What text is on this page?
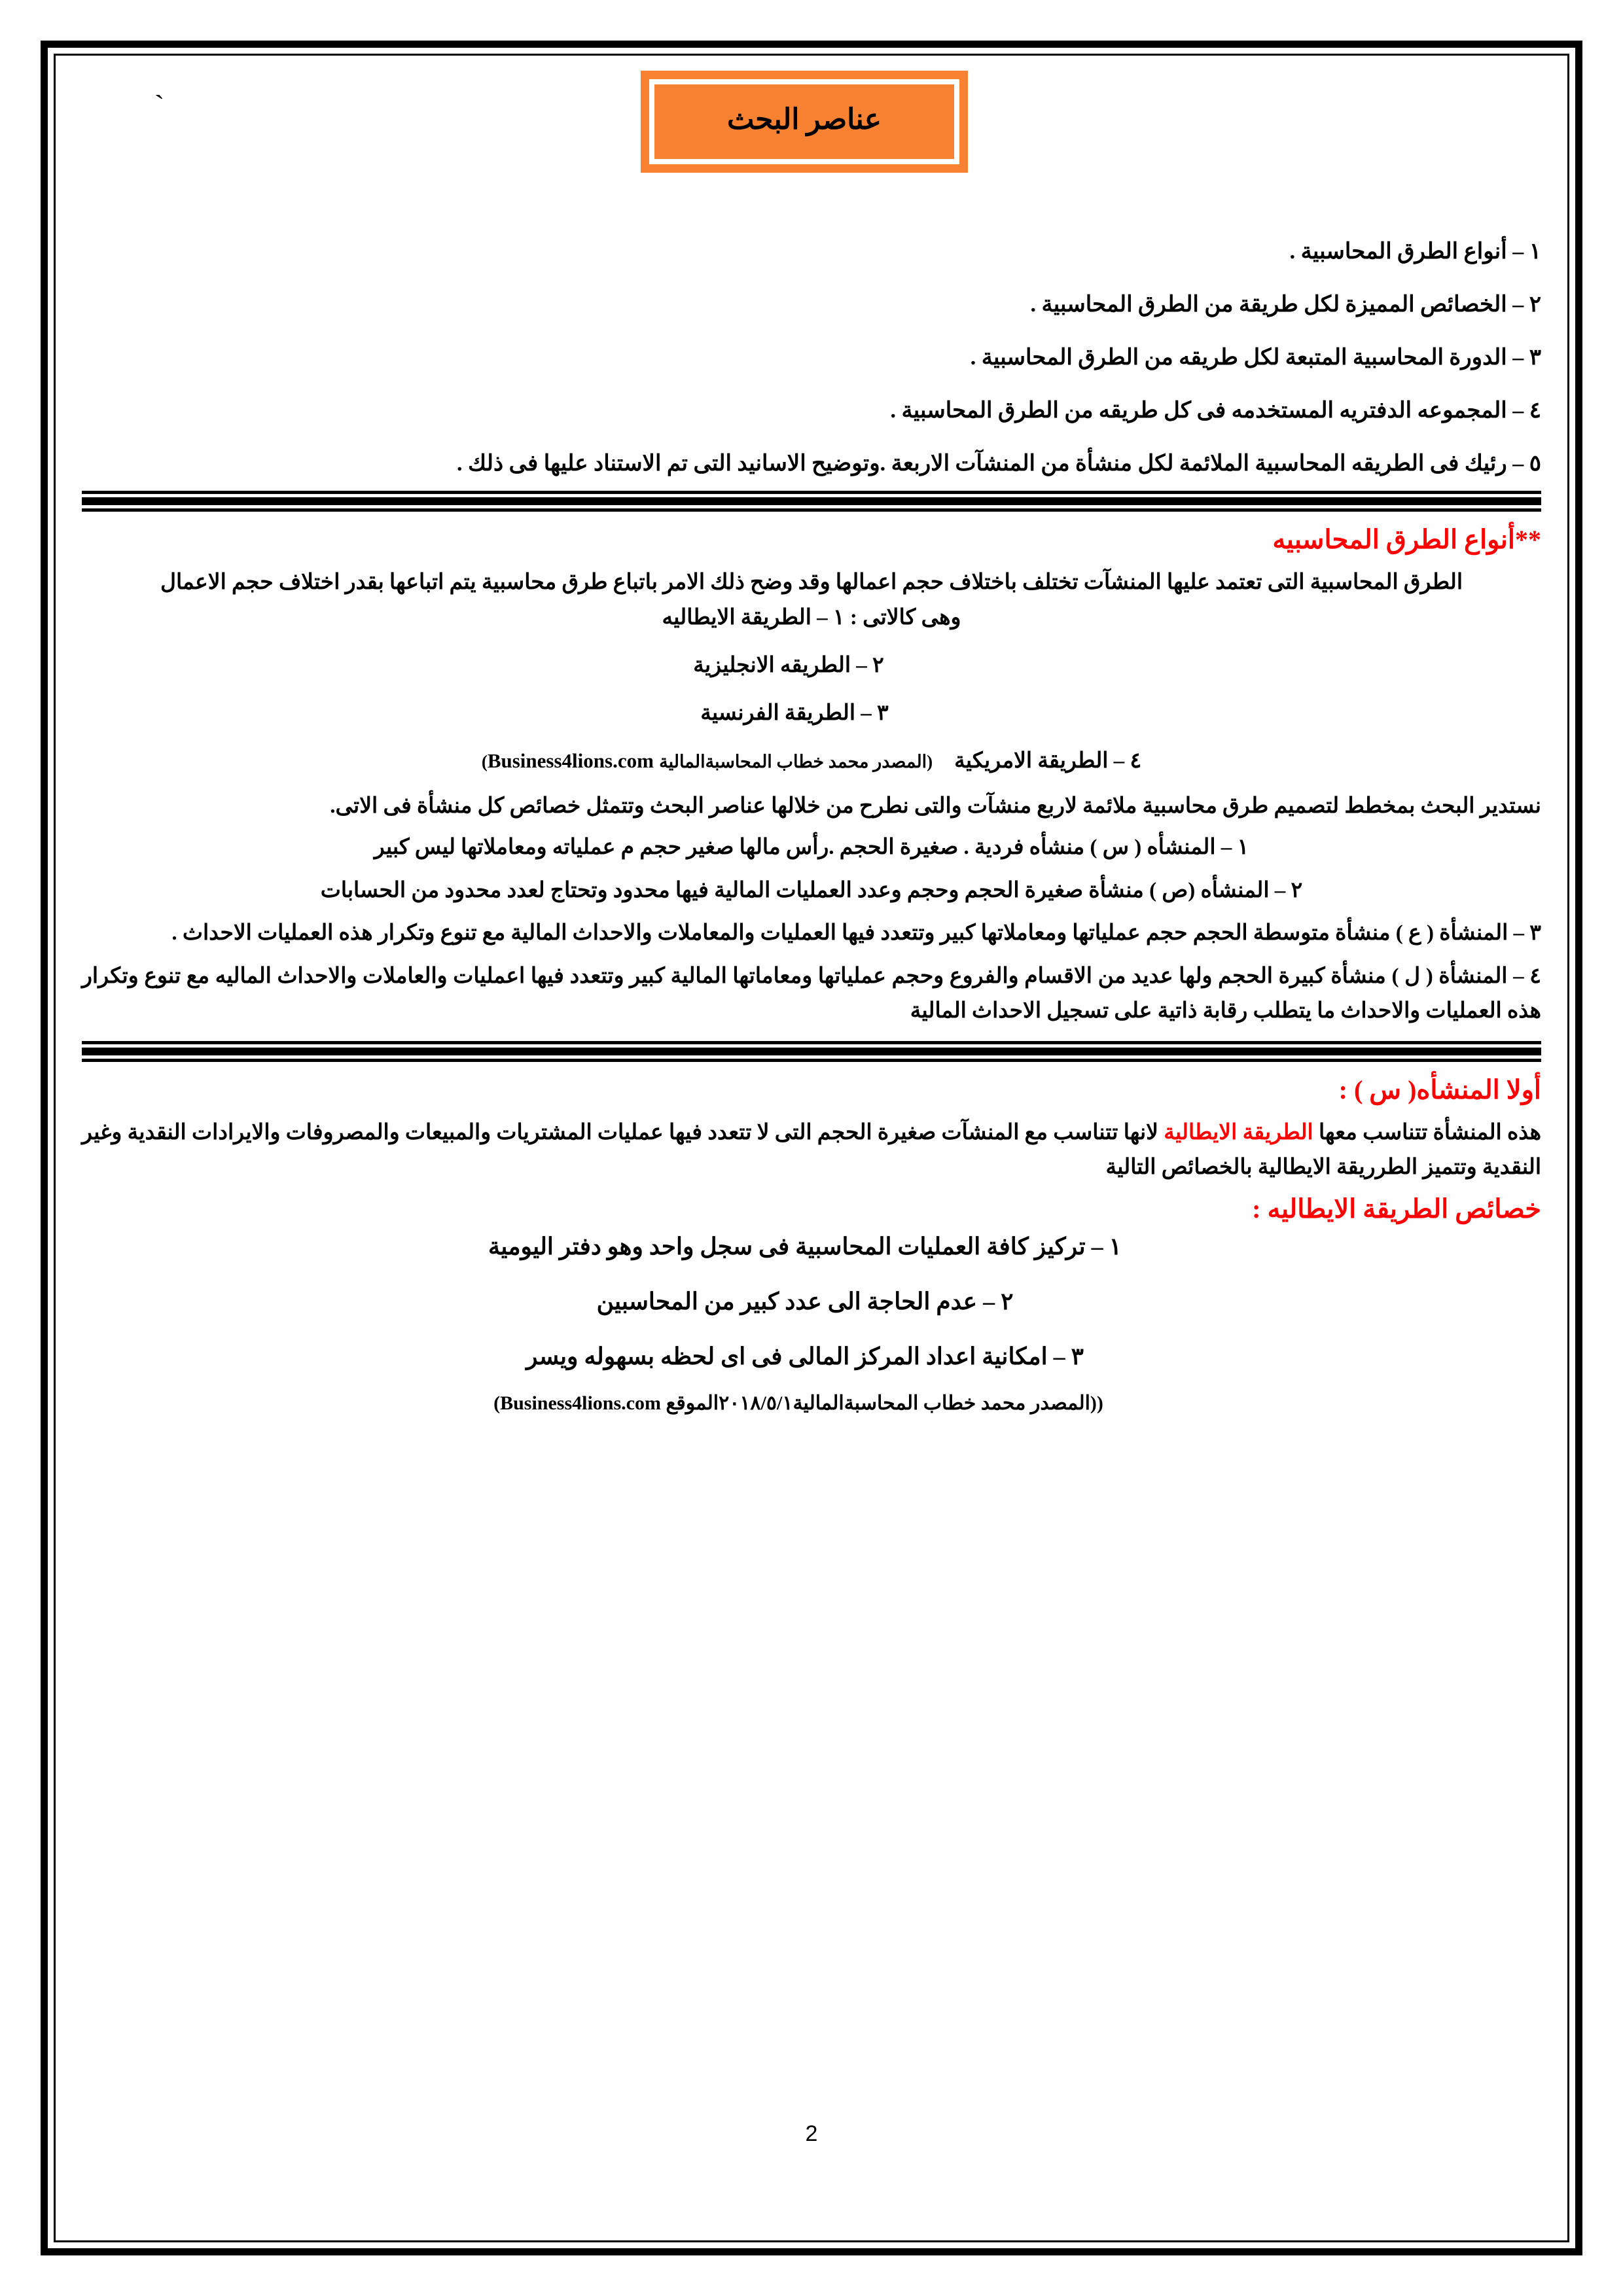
`	عناصر البحث
١ – أنواع الطرق المحاسبية .
٢ – الخصائص المميزة لكل طريقة من الطرق المحاسبية .
٣ – الدورة المحاسبية المتبعة لكل طريقه من الطرق المحاسبية .
٤ – المجموعه الدفتريه المستخدمه فى كل طريقه من الطرق المحاسبية .
٥ – رئيك فى الطريقه المحاسبية الملائمة لكل منشأة من المنشآت الاربعة .وتوضيح الاسانيد التى تم الاستناد عليها فى ذلك .
**أنواع الطرق المحاسبيه
الطرق المحاسبية التى تعتمد عليها المنشآت تختلف باختلاف حجم اعمالها وقد وضح ذلك الامر باتباع طرق محاسبية يتم اتباعها بقدر اختلاف حجم الاعمال
وهى كالاتى : ١ – الطريقة الايطاليه
٢ – الطريقه الانجليزية
٣ – الطريقة الفرنسية
٤ – الطريقة الامريكية    (المصدر محمد خطاب المحاسبةالمالية Business4lions.com)
نستدير البحث بمخطط لتصميم طرق محاسبية ملائمة لاربع منشآت والتى نطرح من خلالها عناصر البحث وتتمثل خصائص كل منشأة فى الاتى.
١ – المنشأه ( س ) منشأه فردية . صغيرة الحجم .رأس مالها صغير حجم م عملياته ومعاملاتها ليس كبير
٢ – المنشأه (ص ) منشأة صغيرة الحجم وحجم وعدد العمليات المالية فيها محدود وتحتاج لعدد محدود من الحسابات
٣ – المنشأة ( ع ) منشأة متوسطة الحجم حجم عملياتها ومعاملاتها كبير وتتعدد فيها العمليات والمعاملات والاحداث المالية مع تنوع وتكرار هذه العمليات الاحداث .
٤ – المنشأة ( ل ) منشأة كبيرة الحجم ولها عديد من الاقسام والفروع وحجم عملياتها ومعاماتها المالية كبير وتتعدد فيها اعمليات والعاملات والاحداث الماليه مع تنوع وتكرار هذه العمليات والاحداث ما يتطلب رقابة ذاتية على تسجيل الاحداث المالية
أولا المنشأه( س ) :
هذه المنشأة تتناسب معها الطريقة الايطالية لانها تتناسب مع المنشآت صغيرة الحجم التى لا تتعدد فيها عمليات المشتريات والمبيعات والمصروفات والايرادات النقدية وغير النقدية وتتميز الطرريقة الايطالية بالخصائص التالية
خصائص الطريقة الايطاليه :
١ – تركيز كافة العمليات المحاسبية فى سجل واحد وهو دفتر اليومية
٢ – عدم الحاجة الى عدد كبير من المحاسبين
٣ – امكانية اعداد المركز المالى فى اى لحظه بسهوله ويسر
((المصدر محمد خطاب المحاسبةالمالية٢٠١٨/٥/١الموقع Business4lions.com)
2
